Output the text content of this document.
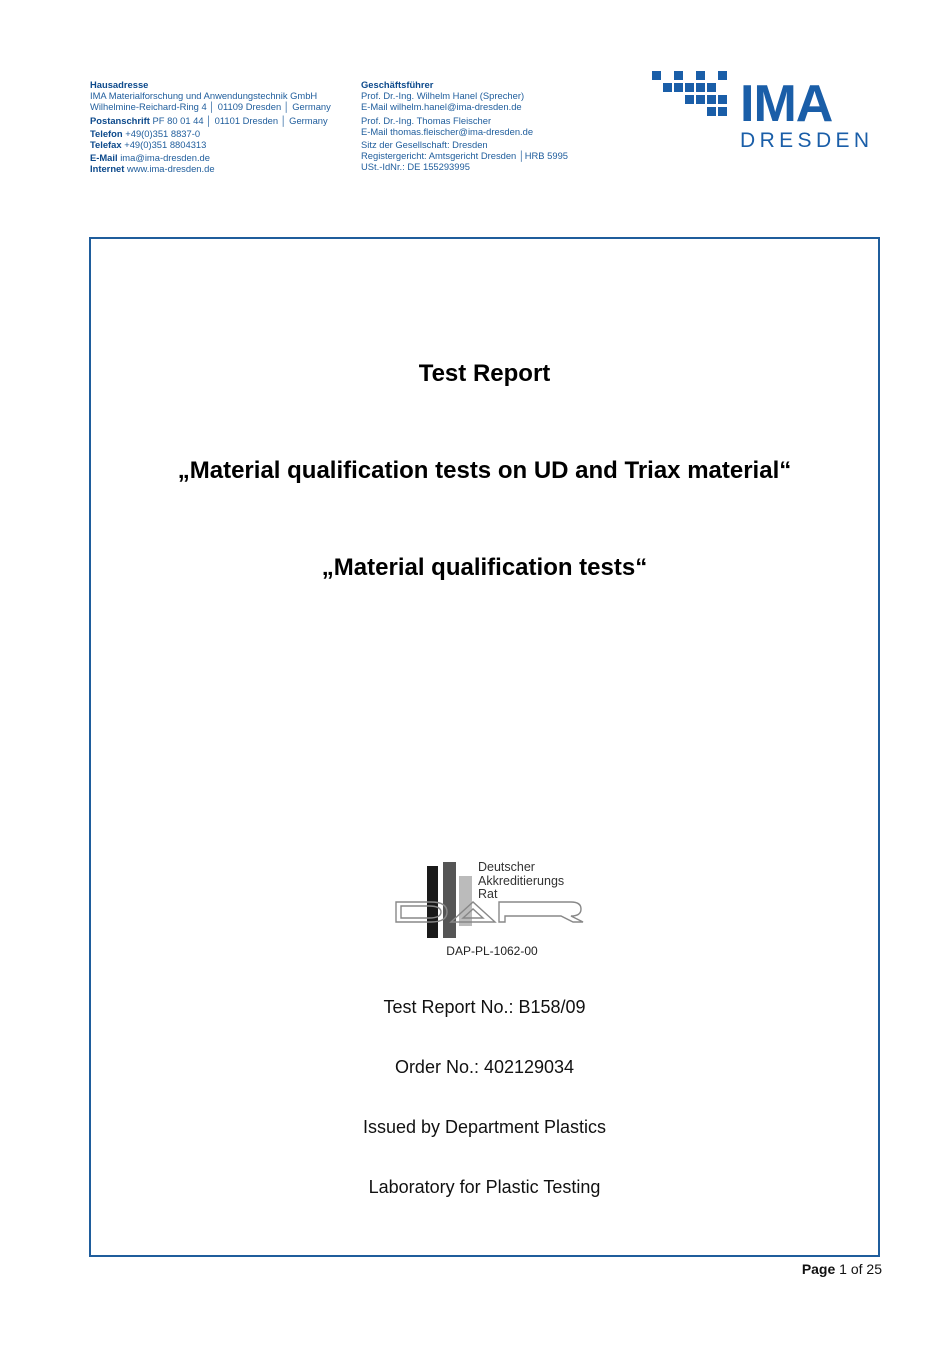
Hausadresse
IMA Materialforschung und Anwendungstechnik GmbH
Wilhelmine-Reichard-Ring 4 │ 01109 Dresden │ Germany
Postanschrift PF 80 01 44 │ 01101 Dresden │ Germany
Telefon +49(0)351 8837-0
Telefax +49(0)351 8804313
E-Mail ima@ima-dresden.de
Internet www.ima-dresden.de
Geschäftsführer
Prof. Dr.-Ing. Wilhelm Hanel (Sprecher)
E-Mail wilhelm.hanel@ima-dresden.de
Prof. Dr.-Ing. Thomas Fleischer
E-Mail thomas.fleischer@ima-dresden.de
Sitz der Gesellschaft: Dresden
Registergericht: Amtsgericht Dresden │HRB 5995
USt.-IdNr.: DE 155293995
IMA
DRESDEN
Test Report
„Material qualification tests on UD and Triax material“
„Material qualification tests“
Deutscher
Akkreditierungs
Rat
DAP-PL-1062-00
Test Report No.: B158/09
Order No.: 402129034
Issued by Department Plastics
Laboratory for Plastic Testing
Page 1 of 25
